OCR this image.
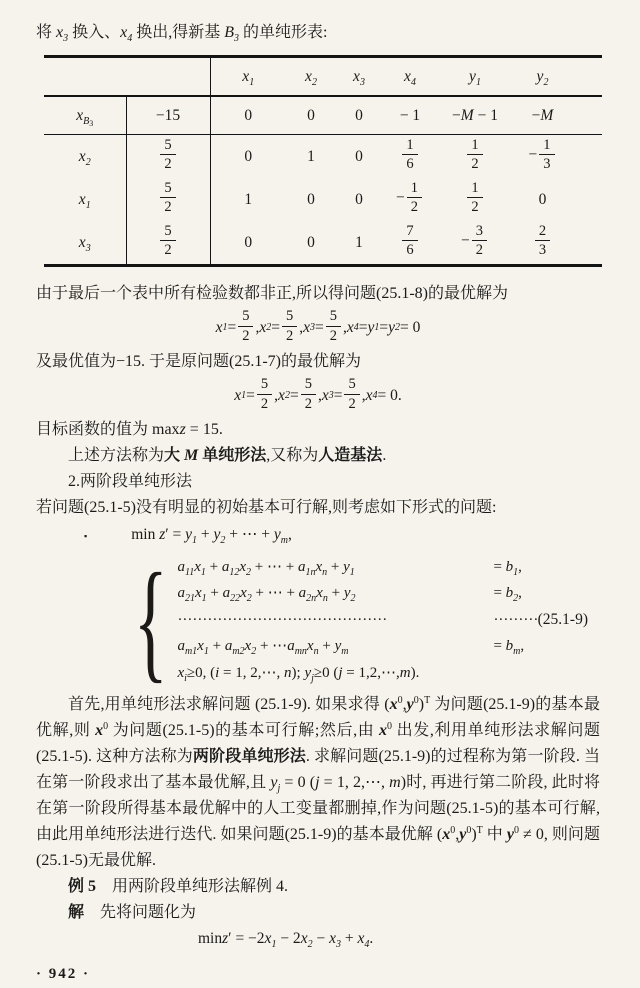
将 $x_3$ 换入、$x_4$ 换出,得新基 $B_3$ 的单纯形表:
		$x_1$	$x_2$	$x_3$	$x_4$	$y_1$	$y_2$	
$x_{B3}$	−15	0	0	0	− 1	−M − 1	−M	
$x_2$	$\frac{5}{2}$	0	1	0	$\frac{1}{6}$	$\frac{1}{2}$	− $\frac{1}{3}$

$x_1$	$\frac{5}{2}$	1	0	0	− $\frac{1}{2}$	$\frac{1}{2}$	0	
$x_3$	$\frac{5}{2}$	0	0	1	$\frac{7}{6}$	− $\frac{3}{2}$	$\frac{2}{3}$

由于最后一个表中所有检验数都非正,所以得问题(25.1-8)的最优解为
x $1 = \frac{5}{2}$ , x $2 = \frac{5}{2}$ , x $3 = \frac{5}{2}$ , x 4 = y 1 = y 2 = 0
及最优值为−15. 于是原问题(25.1-7)的最优解为
x $1 = \frac{5}{2}$ , x $2 = \frac{5}{2}$ , x $3 = \frac{5}{2}$ , x 4 = 0.
目标函数的值为 maxz = 15.
上述方法称为大 M 单纯形法,又称为人造基法.
2.两阶段单纯形法
若问题(25.1-5)没有明显的初始基本可行解,则考虑如下形式的问题:
▪	$\min z' = y_1 + y_2$ + ⋯ + $y_m$,
{ $a_{11}x_1 + a_{12}x_2$ + ⋯ + $a_{1n}x_n + y_1$	= $b_1$,
$a_{21}x_1 + a_{22}x_2$ + ⋯ + $a_{2n}x_n + y_2$	= $b_2$,
··········································	·········
$a_{m1}x_1 + a_{m2}x_2$ + $\cdots a_{mn}x_n + y_m$	= $b_m$,
$x_i\ge 0$, (i = 1, 2,⋯, n); $y_j\ge 0$ (j = 1,2,⋯,m).
(25.1-9)
首先,用单纯形法求解问题 (25.1-9). 如果求得 $(x^0,y^0)^T$ 为问题(25.1-9)的基本最优解,则 $x^0$ 为问题(25.1-5)的基本可行解;然后,由 $x^0$ 出发,利用单纯形法求解问题(25.1-5). 这种方法称为两阶段单纯形法. 求解问题(25.1-9)的过程称为第一阶段. 当在第一阶段求出了基本最优解,且 $y_j = 0$ (j = 1, 2,⋯, m)时, 再进行第二阶段, 此时将在第一阶段所得基本最优解中的人工变量都删掉,作为问题(25.1-5)的基本可行解,由此用单纯形法进行迭代. 如果问题(25.1-9)的基本最优解 $(x^0,y^0)^T$ 中 $y^0 \ne 0$, 则问题(25.1-5)无最优解.
例 5 用两阶段单纯形法解例 4.
解 先将问题化为
$\min z' = -2x_1 - 2x_2 - x_3 + x_4$.
· 942 ·
